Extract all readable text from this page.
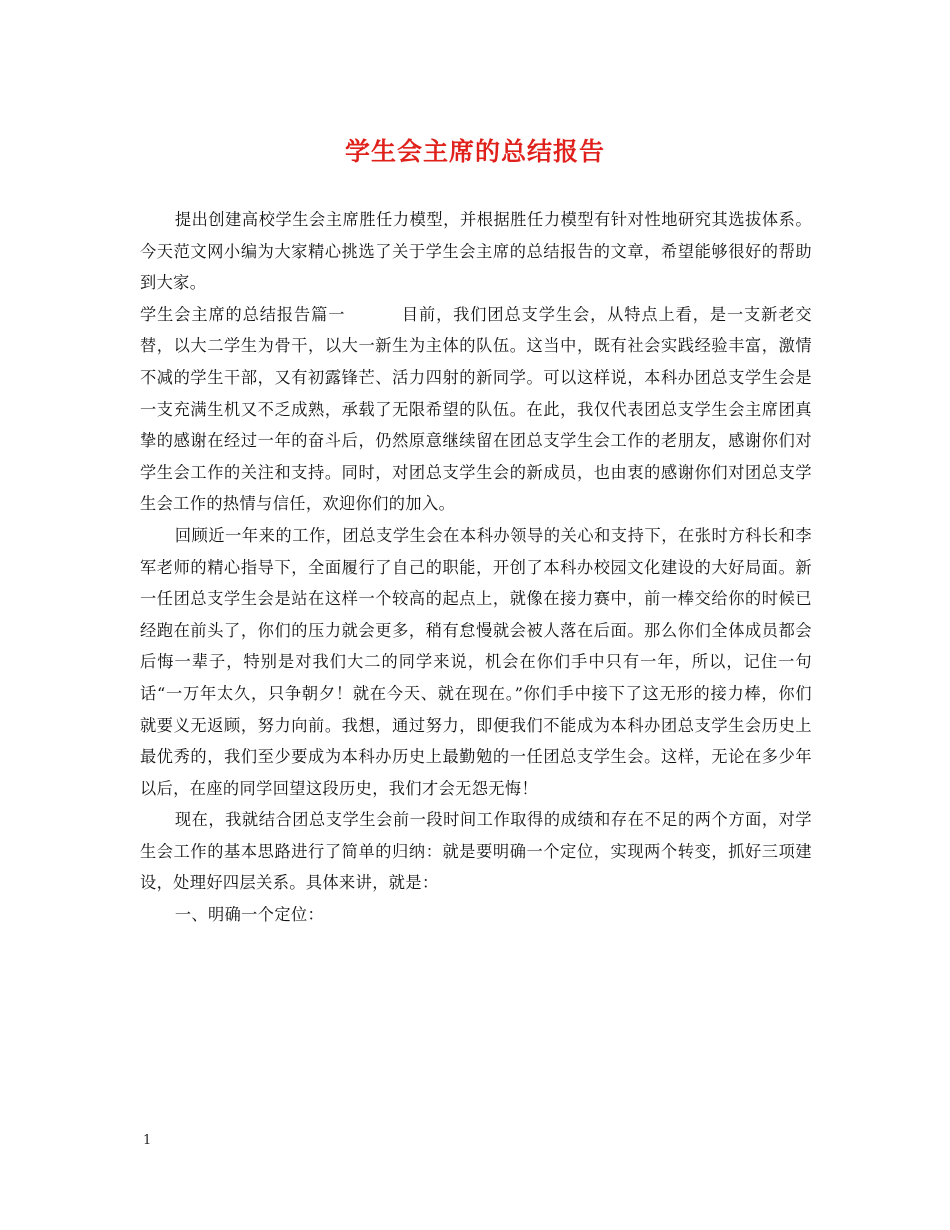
学生会主席的总结报告

提出创建高校学生会主席胜任力模型，并根据胜任力模型有针对性地研究其选拔体系。今天范文网小编为大家精心挑选了关于学生会主席的总结报告的文章，希望能够很好的帮助到大家。

学生会主席的总结报告篇一	目前，我们团总支学生会，从特点上看，是一支新老交替，以大二学生为骨干，以大一新生为主体的队伍。这当中，既有社会实践经验丰富，激情不减的学生干部，又有初露锋芒、活力四射的新同学。可以这样说，本科办团总支学生会是一支充满生机又不乏成熟，承载了无限希望的队伍。在此，我仅代表团总支学生会主席团真挚的感谢在经过一年的奋斗后，仍然原意继续留在团总支学生会工作的老朋友，感谢你们对学生会工作的关注和支持。同时，对团总支学生会的新成员，也由衷的感谢你们对团总支学生会工作的热情与信任，欢迎你们的加入。

回顾近一年来的工作，团总支学生会在本科办领导的关心和支持下，在张时方科长和李军老师的精心指导下，全面履行了自己的职能，开创了本科办校园文化建设的大好局面。新一任团总支学生会是站在这样一个较高的起点上，就像在接力赛中，前一棒交给你的时候已经跑在前头了，你们的压力就会更多，稍有怠慢就会被人落在后面。那么你们全体成员都会后悔一辈子，特别是对我们大二的同学来说，机会在你们手中只有一年，所以，记住一句话“一万年太久，只争朝夕！就在今天、就在现在。”你们手中接下了这无形的接力棒，你们就要义无返顾，努力向前。我想，通过努力，即便我们不能成为本科办团总支学生会历史上最优秀的，我们至少要成为本科办历史上最勤勉的一任团总支学生会。这样，无论在多少年以后，在座的同学回望这段历史，我们才会无怨无悔！

现在，我就结合团总支学生会前一段时间工作取得的成绩和存在不足的两个方面，对学生会工作的基本思路进行了简单的归纳：就是要明确一个定位，实现两个转变，抓好三项建设，处理好四层关系。具体来讲，就是：

一、明确一个定位：

1
